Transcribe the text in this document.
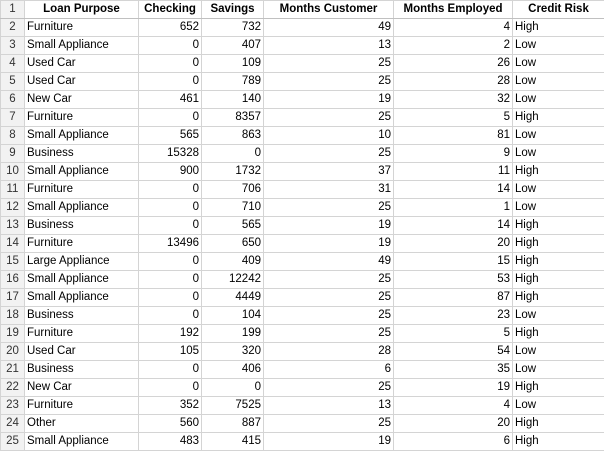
1	Loan Purpose	Checking	Savings	Months Customer	Months Employed	Credit Risk
2	Furniture	652	732	49	4	High
3	Small Appliance	0	407	13	2	Low
4	Used Car	0	109	25	26	Low
5	Used Car	0	789	25	28	Low
6	New Car	461	140	19	32	Low
7	Furniture	0	8357	25	5	High
8	Small Appliance	565	863	10	81	Low
9	Business	15328	0	25	9	Low
10	Small Appliance	900	1732	37	11	High
11	Furniture	0	706	31	14	Low
12	Small Appliance	0	710	25	1	Low
13	Business	0	565	19	14	High
14	Furniture	13496	650	19	20	High
15	Large Appliance	0	409	49	15	High
16	Small Appliance	0	12242	25	53	High
17	Small Appliance	0	4449	25	87	High
18	Business	0	104	25	23	Low
19	Furniture	192	199	25	5	High
20	Used Car	105	320	28	54	Low
21	Business	0	406	6	35	Low
22	New Car	0	0	25	19	High
23	Furniture	352	7525	13	4	Low
24	Other	560	887	25	20	High
25	Small Appliance	483	415	19	6	High
